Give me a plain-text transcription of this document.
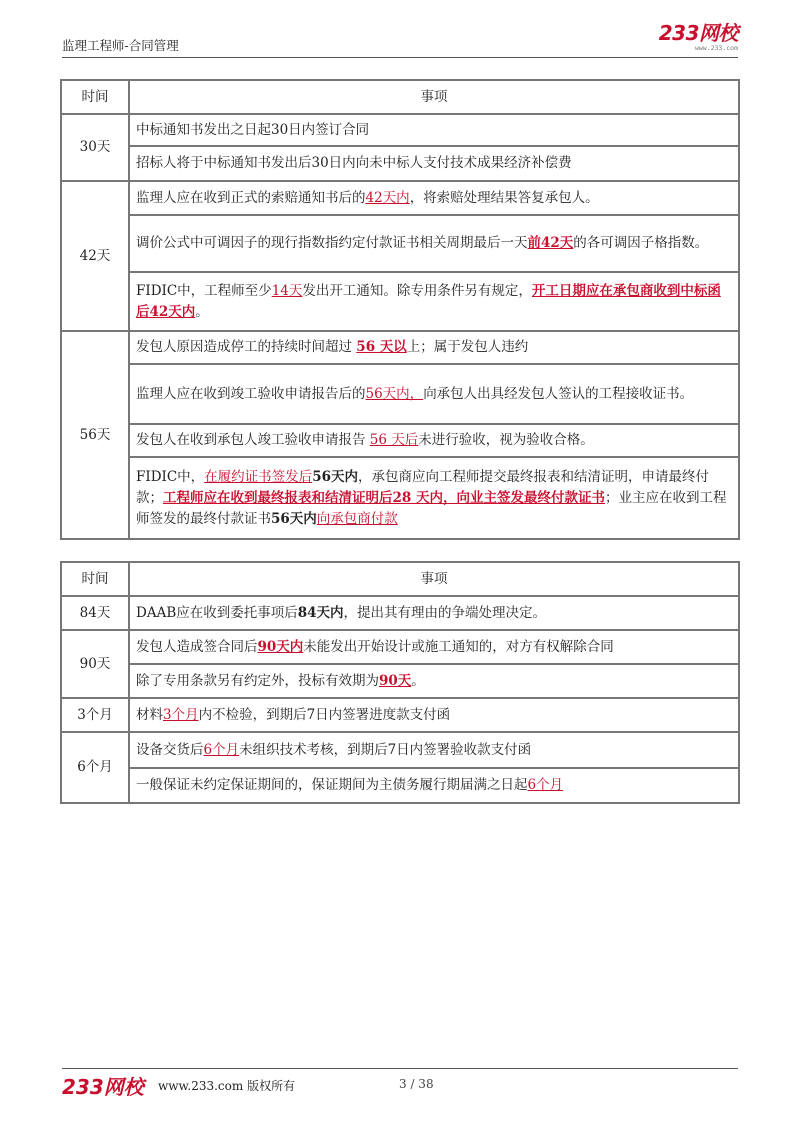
监理工程师-合同管理
233网校
www.233.com
时间	事项
30天	中标通知书发出之日起30日内签订合同
	招标人将于中标通知书发出后30日内向未中标人支付技术成果经济补偿费
42天	监理人应在收到正式的索赔通知书后的42天内，将索赔处理结果答复承包人。
	调价公式中可调因子的现行指数指约定付款证书相关周期最后一天前42天的各可调因子格指数。
	FIDIC中，工程师至少14天发出开工通知。除专用条件另有规定，开工日期应在承包商收到中标函后42天内。
56天	发包人原因造成停工的持续时间超过 56 天以上；属于发包人违约
	监理人应在收到竣工验收申请报告后的56天内，向承包人出具经发包人签认的工程接收证书。
	发包人在收到承包人竣工验收申请报告 56 天后未进行验收，视为验收合格。
	FIDIC中，在履约证书签发后56天内，承包商应向工程师提交最终报表和结清证明，申请最终付款；工程师应在收到最终报表和结清证明后28 天内，向业主签发最终付款证书；业主应在收到工程师签发的最终付款证书56天内向承包商付款
时间	事项
84天	DAAB应在收到委托事项后84天内，提出其有理由的争端处理决定。
90天	发包人造成签合同后90天内未能发出开始设计或施工通知的，对方有权解除合同
	除了专用条款另有约定外，投标有效期为90天。
3个月	材料3个月内不检验，到期后7日内签署进度款支付函
6个月	设备交货后6个月未组织技术考核，到期后7日内签署验收款支付函
	一般保证未约定保证期间的，保证期间为主债务履行期届满之日起6个月
233网校 www.233.com 版权所有	3 / 38
